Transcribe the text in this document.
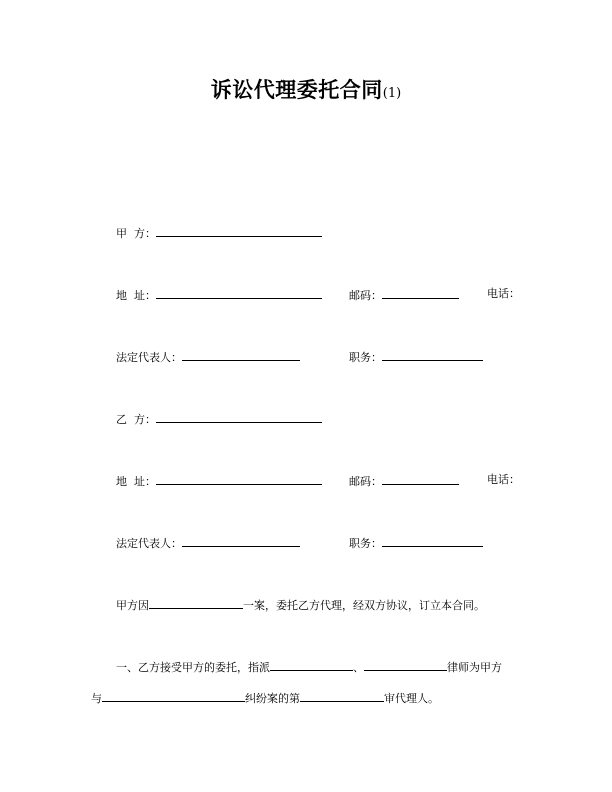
诉讼代理委托合同(1)
甲  方：
地  址：	邮码：	电话：
法定代表人：	职务：
乙  方：
地  址：	邮码：	电话：
法定代表人：	职务：
甲方因	一案，委托乙方代理，经双方协议，订立本合同。
一、乙方接受甲方的委托，指派	、	律师为甲方
与	纠纷案的第	审代理人。
